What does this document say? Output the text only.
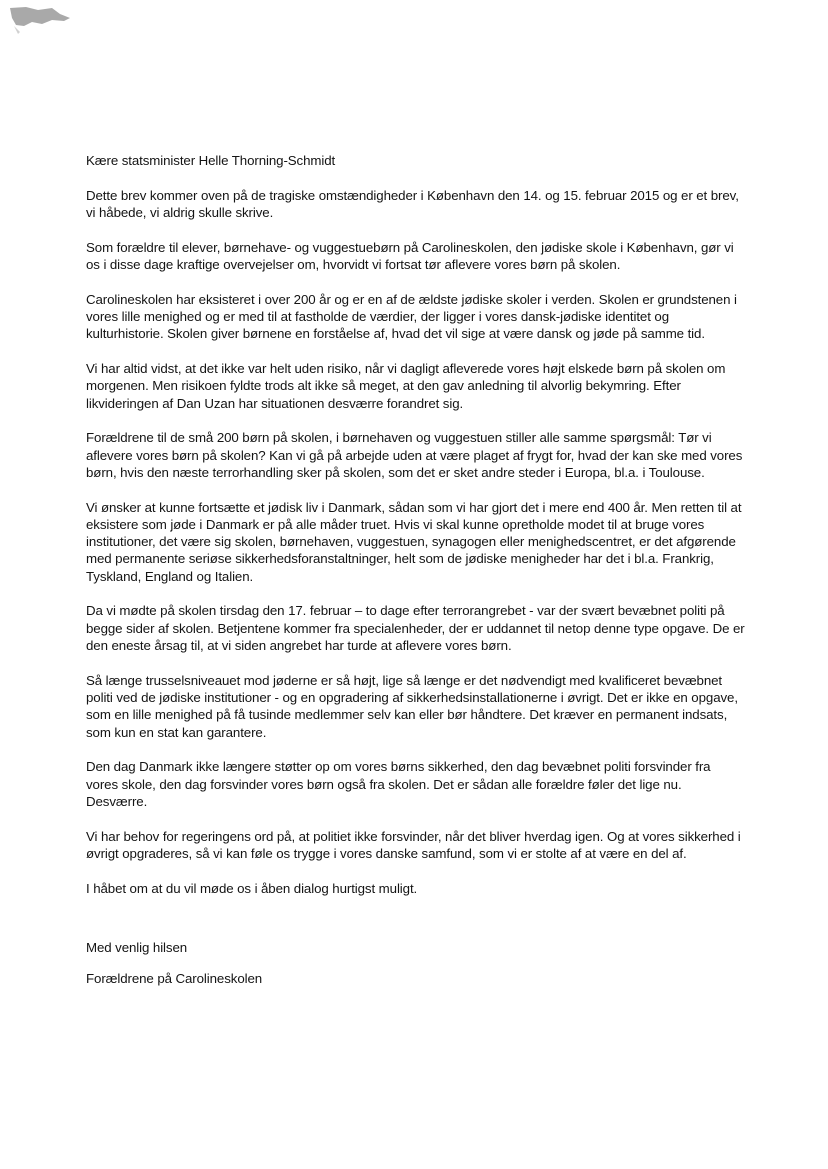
Kære statsminister Helle Thorning-Schmidt

Dette brev kommer oven på de tragiske omstændigheder i København den 14. og 15. februar 2015 og er et brev, vi håbede, vi aldrig skulle skrive.

Som forældre til elever, børnehave- og vuggestuebørn på Carolineskolen, den jødiske skole i København, gør vi os i disse dage kraftige overvejelser om, hvorvidt vi fortsat tør aflevere vores børn på skolen.

Carolineskolen har eksisteret i over 200 år og er en af de ældste jødiske skoler i verden. Skolen er grundstenen i vores lille menighed og er med til at fastholde de værdier, der ligger i vores dansk-jødiske identitet og kulturhistorie. Skolen giver børnene en forståelse af, hvad det vil sige at være dansk og jøde på samme tid.

Vi har altid vidst, at det ikke var helt uden risiko, når vi dagligt afleverede vores højt elskede børn på skolen om morgenen. Men risikoen fyldte trods alt ikke så meget, at den gav anledning til alvorlig bekymring. Efter likvideringen af Dan Uzan har situationen desværre forandret sig.

Forældrene til de små 200 børn på skolen, i børnehaven og vuggestuen stiller alle samme spørgsmål: Tør vi aflevere vores børn på skolen? Kan vi gå på arbejde uden at være plaget af frygt for, hvad der kan ske med vores børn, hvis den næste terrorhandling sker på skolen, som det er sket andre steder i Europa, bl.a. i Toulouse.

Vi ønsker at kunne fortsætte et jødisk liv i Danmark, sådan som vi har gjort det i mere end 400 år. Men retten til at eksistere som jøde i Danmark er på alle måder truet. Hvis vi skal kunne opretholde modet til at bruge vores institutioner, det være sig skolen, børnehaven, vuggestuen, synagogen eller menighedscentret, er det afgørende med permanente seriøse sikkerhedsforanstaltninger, helt som de jødiske menigheder har det i bl.a. Frankrig, Tyskland, England og Italien.

Da vi mødte på skolen tirsdag den 17. februar – to dage efter terrorangrebet - var der svært bevæbnet politi på begge sider af skolen. Betjentene kommer fra specialenheder, der er uddannet til netop denne type opgave. De er den eneste årsag til, at vi siden angrebet har turde at aflevere vores børn.

Så længe trusselsniveauet mod jøderne er så højt, lige så længe er det nødvendigt med kvalificeret bevæbnet politi ved de jødiske institutioner - og en opgradering af sikkerhedsinstallationerne i øvrigt. Det er ikke en opgave, som en lille menighed på få tusinde medlemmer selv kan eller bør håndtere. Det kræver en permanent indsats, som kun en stat kan garantere.

Den dag Danmark ikke længere støtter op om vores børns sikkerhed, den dag bevæbnet politi forsvinder fra vores skole, den dag forsvinder vores børn også fra skolen. Det er sådan alle forældre føler det lige nu. Desværre.

Vi har behov for regeringens ord på, at politiet ikke forsvinder, når det bliver hverdag igen. Og at vores sikkerhed i øvrigt opgraderes, så vi kan føle os trygge i vores danske samfund, som vi er stolte af at være en del af.

I håbet om at du vil møde os i åben dialog hurtigst muligt.

Med venlig hilsen

Forældrene på Carolineskolen
